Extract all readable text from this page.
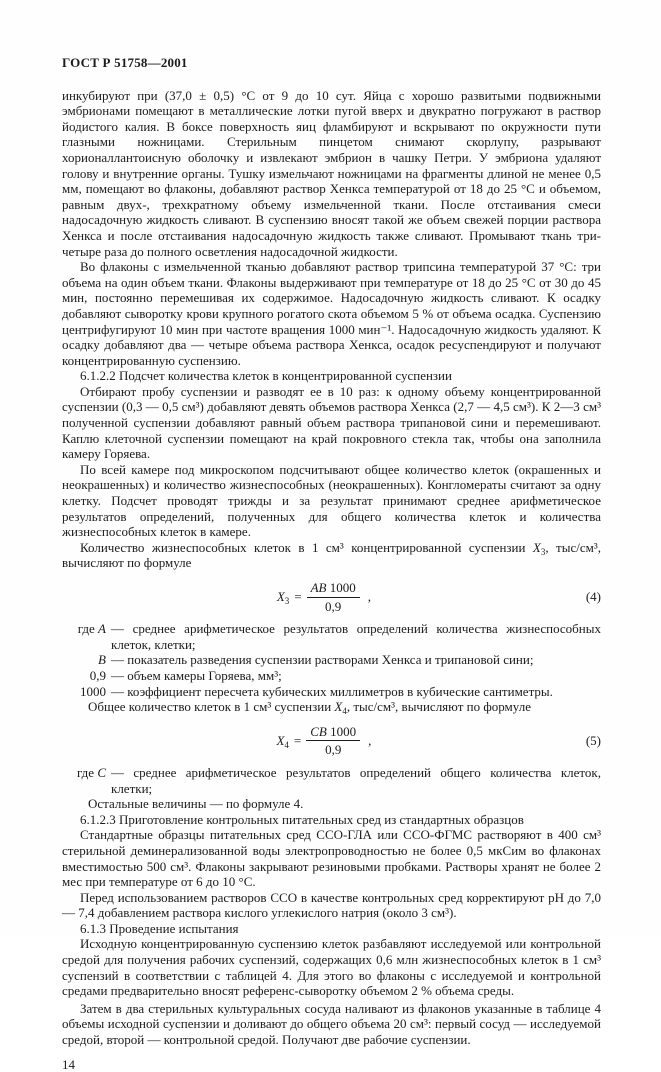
ГОСТ Р 51758—2001

инкубируют при (37,0 ± 0,5) °С от 9 до 10 сут. Яйца с хорошо развитыми подвижными эмбрионами помещают в металлические лотки пугой вверх и двукратно погружают в раствор йодистого калия. В боксе поверхность яиц фламбируют и вскрывают по окружности пути глазными ножницами. Стерильным пинцетом снимают скорлупу, разрывают хорионаллантоисную оболочку и извлекают эмбрион в чашку Петри. У эмбриона удаляют голову и внутренние органы. Тушку измельчают ножницами на фрагменты длиной не менее 0,5 мм, помещают во флаконы, добавляют раствор Хенкса температурой от 18 до 25 °С и объемом, равным двух-, трехкратному объему измельченной ткани. После отстаивания смеси надосадочную жидкость сливают. В суспензию вносят такой же объем свежей порции раствора Хенкса и после отстаивания надосадочную жидкость также сливают. Промывают ткань три-четыре раза до полного осветления надосадочной жидкости.

Во флаконы с измельченной тканью добавляют раствор трипсина температурой 37 °С: три объема на один объем ткани. Флаконы выдерживают при температуре от 18 до 25 °С от 30 до 45 мин, постоянно перемешивая их содержимое. Надосадочную жидкость сливают. К осадку добавляют сыворотку крови крупного рогатого скота объемом 5 % от объема осадка. Суспензию центрифугируют 10 мин при частоте вращения 1000 мин⁻¹. Надосадочную жидкость удаляют. К осадку добавляют два — четыре объема раствора Хенкса, осадок ресуспендируют и получают концентрированную суспензию.

6.1.2.2 Подсчет количества клеток в концентрированной суспензии

Отбирают пробу суспензии и разводят ее в 10 раз: к одному объему концентрированной суспензии (0,3 — 0,5 см³) добавляют девять объемов раствора Хенкса (2,7 — 4,5 см³). К 2—3 см³ полученной суспензии добавляют равный объем раствора трипановой сини и перемешивают. Каплю клеточной суспензии помещают на край покровного стекла так, чтобы она заполнила камеру Горяева.

По всей камере под микроскопом подсчитывают общее количество клеток (окрашенных и неокрашенных) и количество жизнеспособных (неокрашенных). Конгломераты считают за одну клетку. Подсчет проводят трижды и за результат принимают среднее арифметическое результатов определений, полученных для общего количества клеток и количества жизнеспособных клеток в камере.

Количество жизнеспособных клеток в 1 см³ концентрированной суспензии $X_3$, тыс/см³, вычисляют по формуле

$X_3 = \frac{AB 1000}{0,9}$ ,	(4)
где A — среднее арифметическое результатов определений количества жизнеспособных клеток, клетки;
B — показатель разведения суспензии растворами Хенкса и трипановой сини;
0,9 — объем камеры Горяева, мм³;
1000 — коэффициент пересчета кубических миллиметров в кубические сантиметры.

Общее количество клеток в 1 см³ суспензии $X_4$, тыс/см³, вычисляют по формуле

$X_4 = \frac{CB 1000}{0,9}$ ,	(5)
где C — среднее арифметическое результатов определений общего количества клеток, клетки;

Остальные величины — по формуле 4.

6.1.2.3 Приготовление контрольных питательных сред из стандартных образцов

Стандартные образцы питательных сред ССО-ГЛА или ССО-ФГМС растворяют в 400 см³ стерильной деминерализованной воды электропроводностью не более 0,5 мкСим во флаконах вместимостью 500 см³. Флаконы закрывают резиновыми пробками. Растворы хранят не более 2 мес при температуре от 6 до 10 °С.

Перед использованием растворов ССО в качестве контрольных сред корректируют рН до 7,0 — 7,4 добавлением раствора кислого углекислого натрия (около 3 см³).

6.1.3 Проведение испытания

Исходную концентрированную суспензию клеток разбавляют исследуемой или контрольной средой для получения рабочих суспензий, содержащих 0,6 млн жизнеспособных клеток в 1 см³ суспензий в соответствии с таблицей 4. Для этого во флаконы с исследуемой и контрольной средами предварительно вносят референс-сыворотку объемом 2 % объема среды.

Затем в два стерильных культуральных сосуда наливают из флаконов указанные в таблице 4 объемы исходной суспензии и доливают до общего объема 20 см³: первый сосуд — исследуемой средой, второй — контрольной средой. Получают две рабочие суспензии.

14
